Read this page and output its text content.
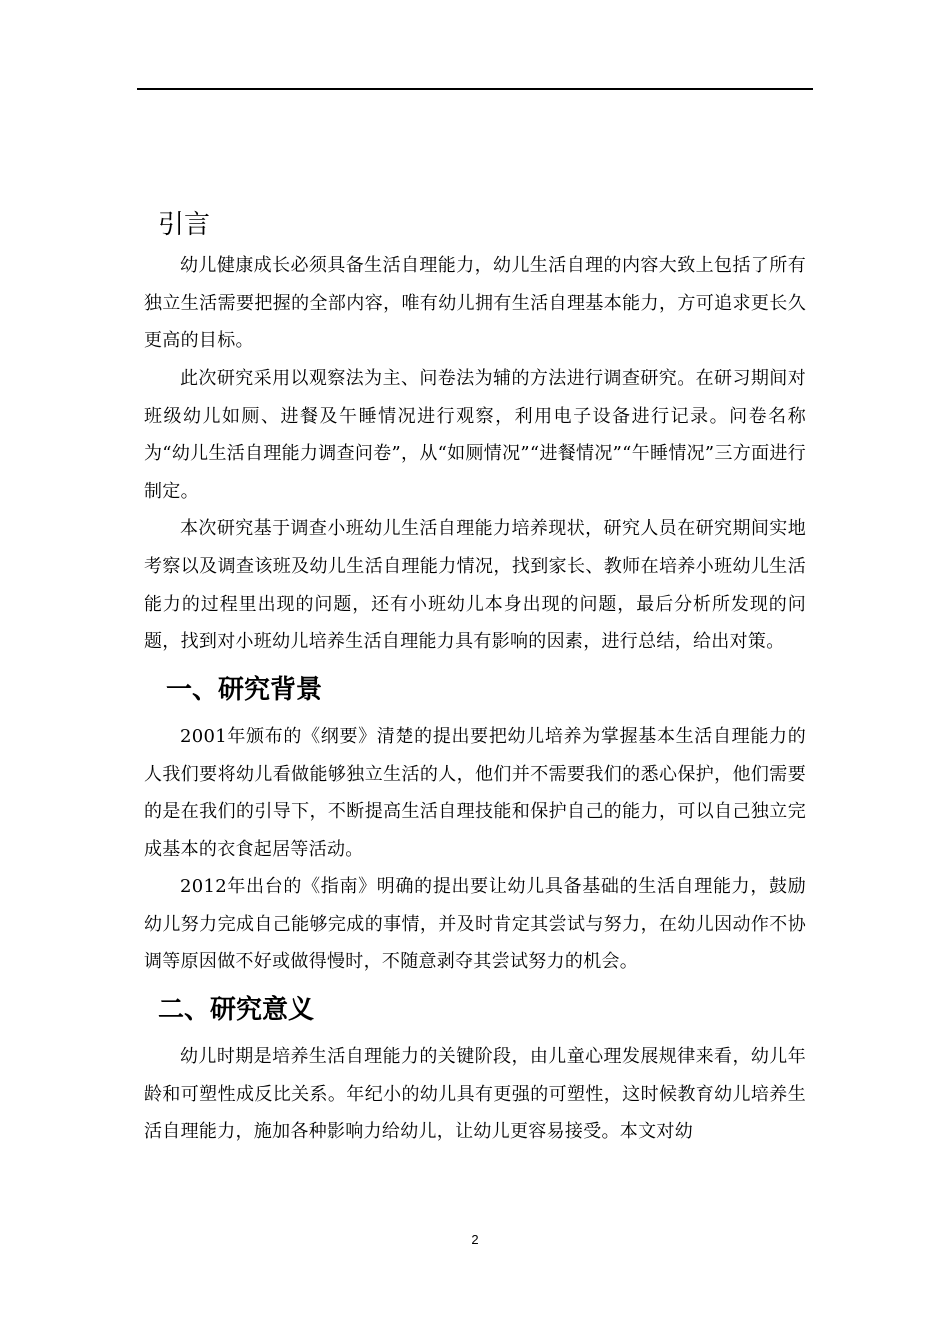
引言

幼儿健康成长必须具备生活自理能力，幼儿生活自理的内容大致上包括了所有独立生活需要把握的全部内容，唯有幼儿拥有生活自理基本能力，方可追求更长久更高的目标。

此次研究采用以观察法为主、问卷法为辅的方法进行调查研究。在研习期间对班级幼儿如厕、进餐及午睡情况进行观察，利用电子设备进行记录。问卷名称为“幼儿生活自理能力调查问卷”，从“如厕情况”“进餐情况”“午睡情况”三方面进行制定。

本次研究基于调查小班幼儿生活自理能力培养现状，研究人员在研究期间实地考察以及调查该班及幼儿生活自理能力情况，找到家长、教师在培养小班幼儿生活能力的过程里出现的问题，还有小班幼儿本身出现的问题，最后分析所发现的问题，找到对小班幼儿培养生活自理能力具有影响的因素，进行总结，给出对策。

一、研究背景

2001年颁布的《纲要》清楚的提出要把幼儿培养为掌握基本生活自理能力的人我们要将幼儿看做能够独立生活的人，他们并不需要我们的悉心保护，他们需要的是在我们的引导下，不断提高生活自理技能和保护自己的能力，可以自己独立完成基本的衣食起居等活动。

2012年出台的《指南》明确的提出要让幼儿具备基础的生活自理能力，鼓励幼儿努力完成自己能够完成的事情，并及时肯定其尝试与努力，在幼儿因动作不协调等原因做不好或做得慢时，不随意剥夺其尝试努力的机会。

二、研究意义

幼儿时期是培养生活自理能力的关键阶段，由儿童心理发展规律来看，幼儿年龄和可塑性成反比关系。年纪小的幼儿具有更强的可塑性，这时候教育幼儿培养生活自理能力，施加各种影响力给幼儿，让幼儿更容易接受。本文对幼

2
